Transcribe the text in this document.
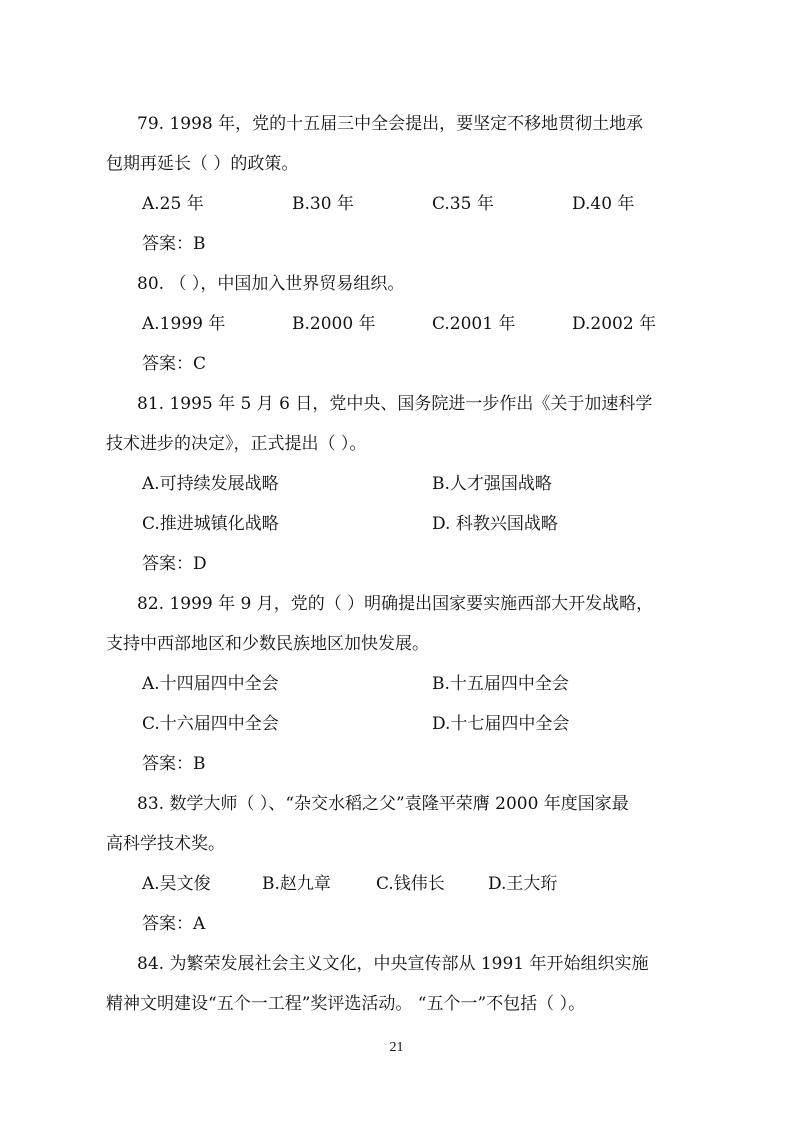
79. 1998 年，党的十五届三中全会提出，要坚定不移地贯彻土地承
包期再延长（ ）的政策。
A.25 年	B.30 年	C.35 年	D.40 年
答案：B
80. （ ），中国加入世界贸易组织。
A.1999 年	B.2000 年	C.2001 年	D.2002 年
答案：C
81. 1995 年 5 月 6 日，党中央、国务院进一步作出《关于加速科学
技术进步的决定》，正式提出（ ）。
A.可持续发展战略	B.人才强国战略
C.推进城镇化战略	D. 科教兴国战略
答案：D
82. 1999 年 9 月，党的（ ）明确提出国家要实施西部大开发战略，
支持中西部地区和少数民族地区加快发展。
A.十四届四中全会	B.十五届四中全会
C.十六届四中全会	D.十七届四中全会
答案：B
83. 数学大师（ ）、“杂交水稻之父”袁隆平荣膺 2000 年度国家最
高科学技术奖。
A.吴文俊	B.赵九章	C.钱伟长	D.王大珩
答案：A
84. 为繁荣发展社会主义文化，中央宣传部从 1991 年开始组织实施
精神文明建设“五个一工程”奖评选活动。 “五个一”不包括（ ）。
21
